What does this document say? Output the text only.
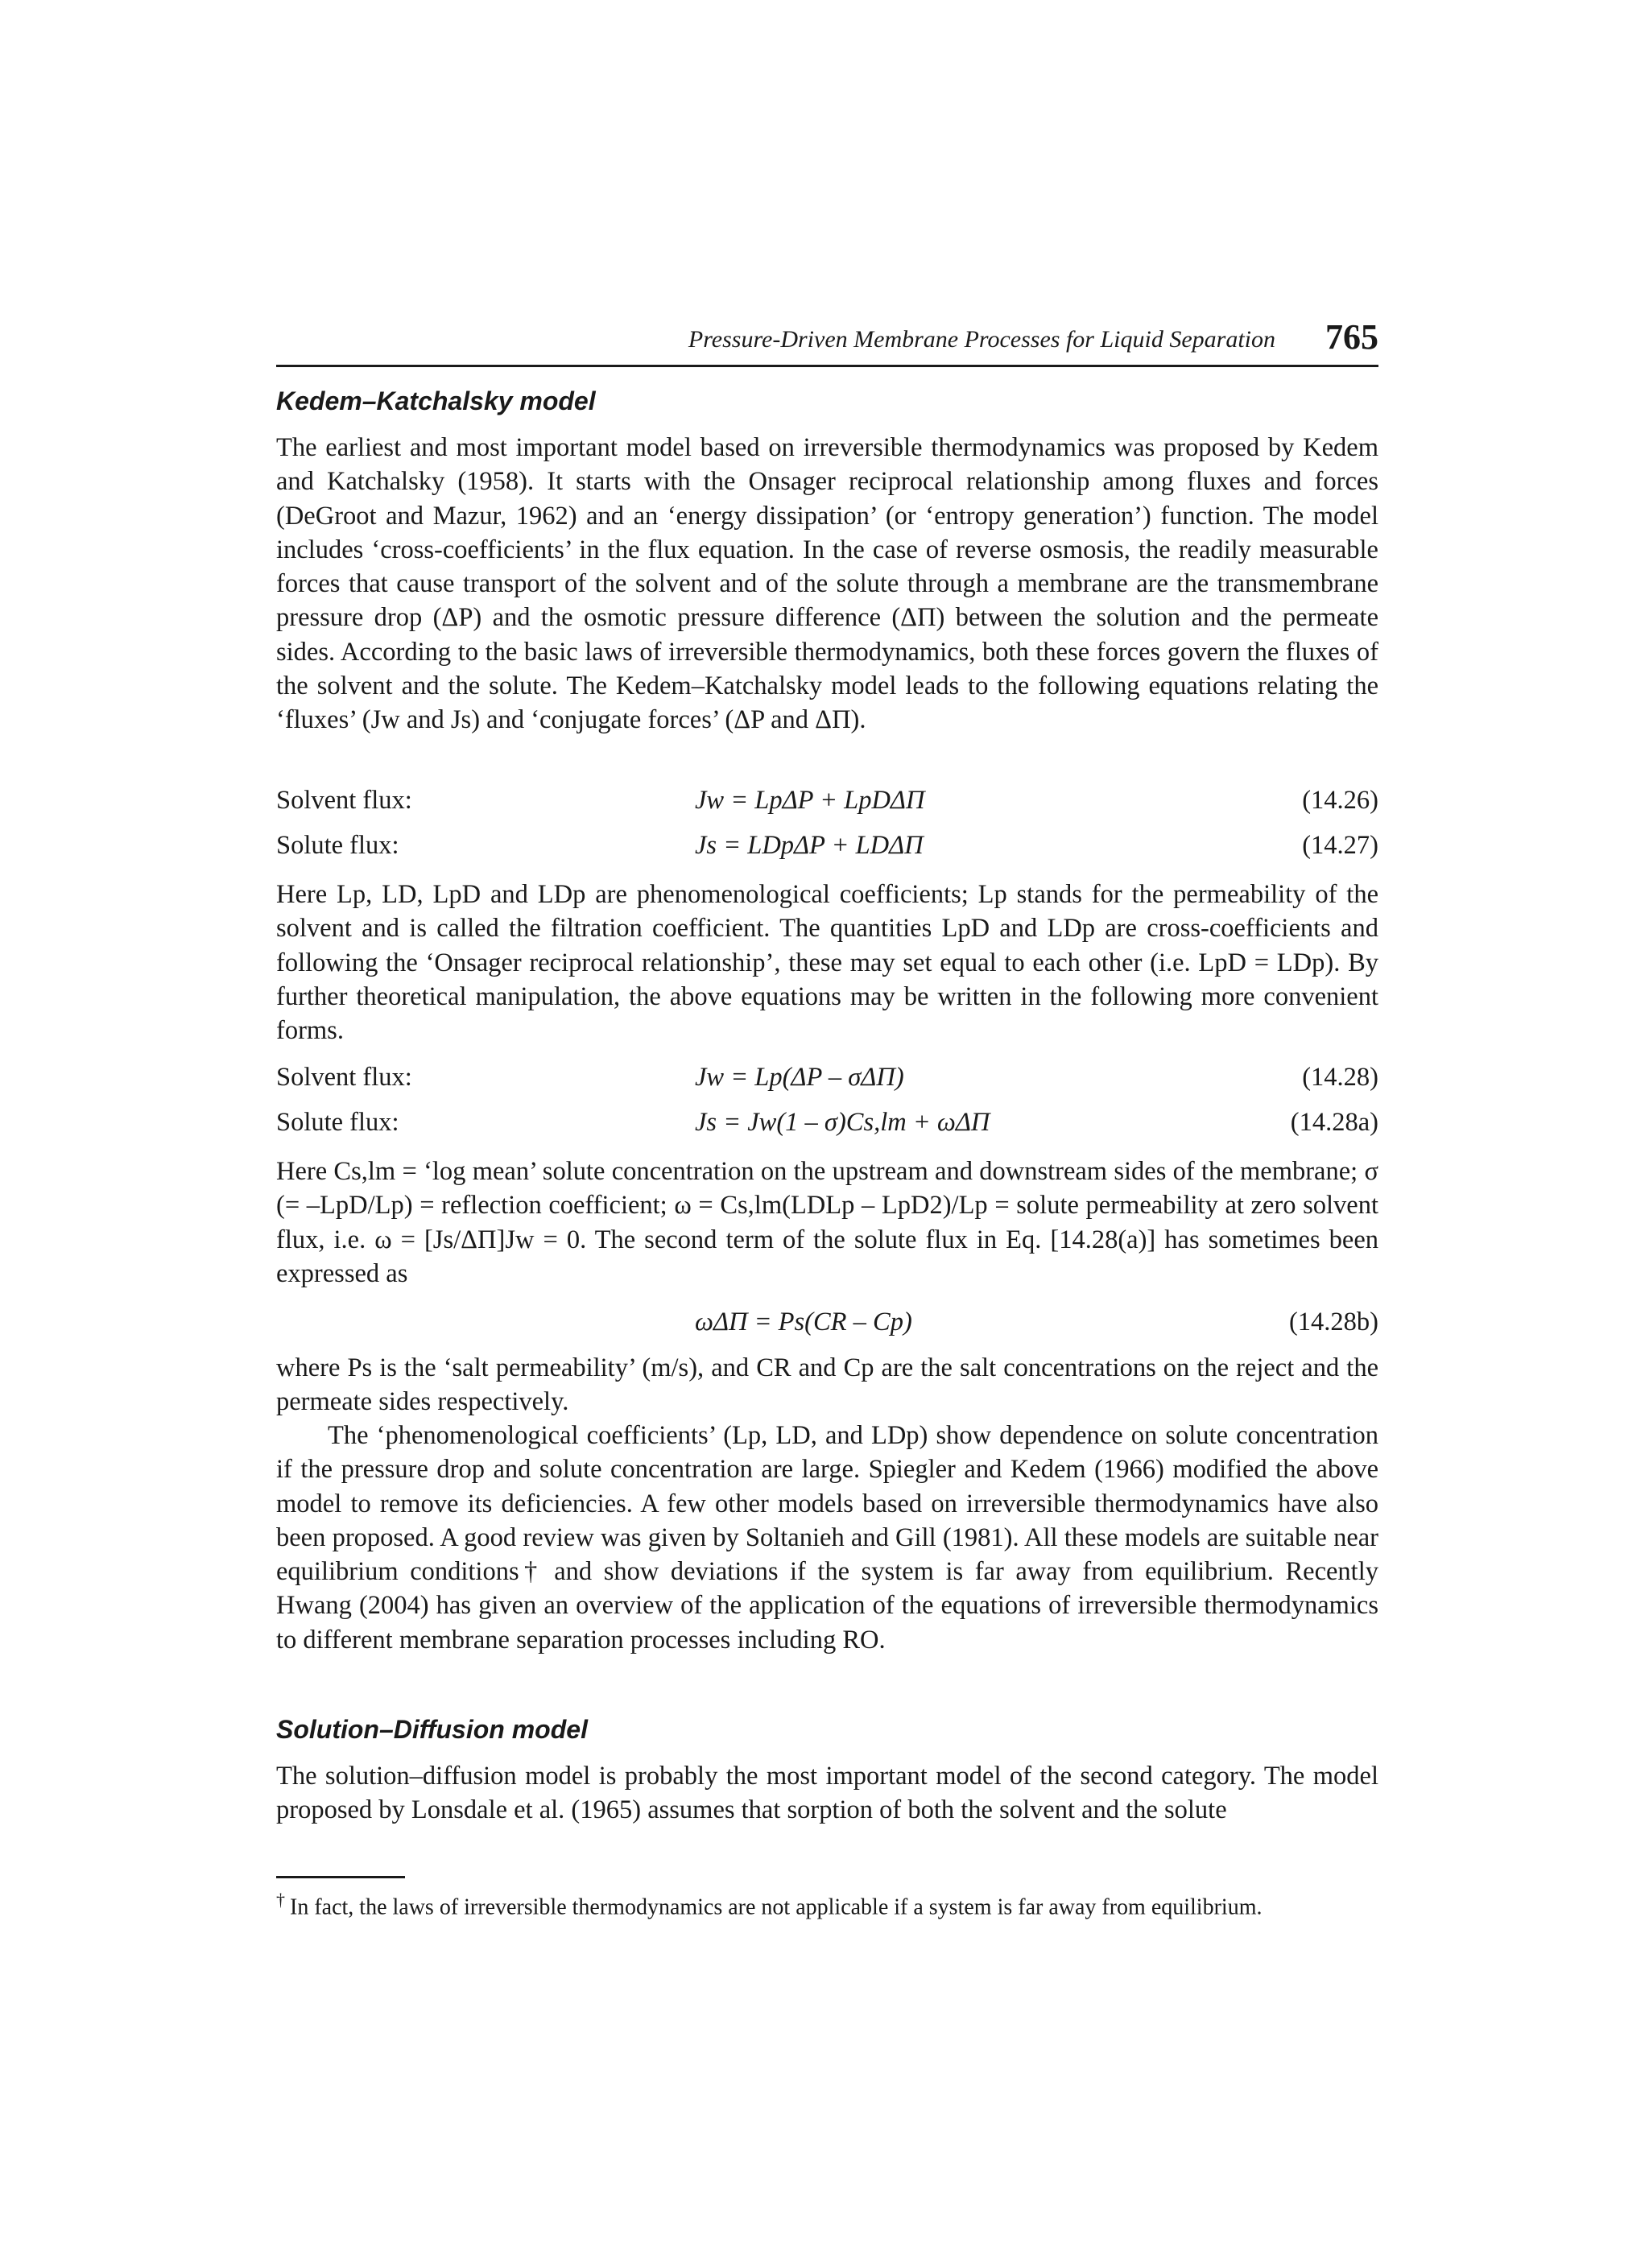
Pressure-Driven Membrane Processes for Liquid Separation 765
Kedem–Katchalsky model

The earliest and most important model based on irreversible thermodynamics was proposed by Kedem and Katchalsky (1958). It starts with the Onsager reciprocal relationship among fluxes and forces (DeGroot and Mazur, 1962) and an ‘energy dissipation’ (or ‘entropy generation’) function. The model includes ‘cross-coefficients’ in the flux equation. In the case of reverse osmosis, the readily measurable forces that cause transport of the solvent and of the solute through a membrane are the transmembrane pressure drop (ΔP) and the osmotic pressure difference (ΔΠ) between the solution and the permeate sides. According to the basic laws of irreversible thermodynamics, both these forces govern the fluxes of the solvent and the solute. The Kedem–Katchalsky model leads to the following equations relating the ‘fluxes’ (Jw and Js) and ‘conjugate forces’ (ΔP and ΔΠ).

Solvent flux:	Jw = LpΔP + LpDΔΠ	(14.26)
Solute flux:	Js = LDpΔP + LDΔΠ	(14.27)

Here Lp, LD, LpD and LDp are phenomenological coefficients; Lp stands for the permeability of the solvent and is called the filtration coefficient. The quantities LpD and LDp are cross-coefficients and following the ‘Onsager reciprocal relationship’, these may set equal to each other (i.e. LpD = LDp). By further theoretical manipulation, the above equations may be written in the following more convenient forms.

Solvent flux:	Jw = Lp(ΔP – σΔΠ)	(14.28)
Solute flux:	Js = Jw(1 – σ)Cs,lm + ωΔΠ	(14.28a)

Here Cs,lm = ‘log mean’ solute concentration on the upstream and downstream sides of the membrane; σ (= –LpD/Lp) = reflection coefficient; ω = Cs,lm(LDLp – LpD2)/Lp = solute permeability at zero solvent flux, i.e. ω = [Js/ΔΠ]Jw = 0. The second term of the solute flux in Eq. [14.28(a)] has sometimes been expressed as

ωΔΠ = Ps(CR – Cp)	(14.28b)

where Ps is the ‘salt permeability’ (m/s), and CR and Cp are the salt concentrations on the reject and the permeate sides respectively.

The ‘phenomenological coefficients’ (Lp, LD, and LDp) show dependence on solute concentration if the pressure drop and solute concentration are large. Spiegler and Kedem (1966) modified the above model to remove its deficiencies. A few other models based on irreversible thermodynamics have also been proposed. A good review was given by Soltanieh and Gill (1981). All these models are suitable near equilibrium conditions† and show deviations if the system is far away from equilibrium. Recently Hwang (2004) has given an overview of the application of the equations of irreversible thermodynamics to different membrane separation processes including RO.

Solution–Diffusion model

The solution–diffusion model is probably the most important model of the second category. The model proposed by Lonsdale et al. (1965) assumes that sorption of both the solvent and the solute

† In fact, the laws of irreversible thermodynamics are not applicable if a system is far away from equilibrium.
